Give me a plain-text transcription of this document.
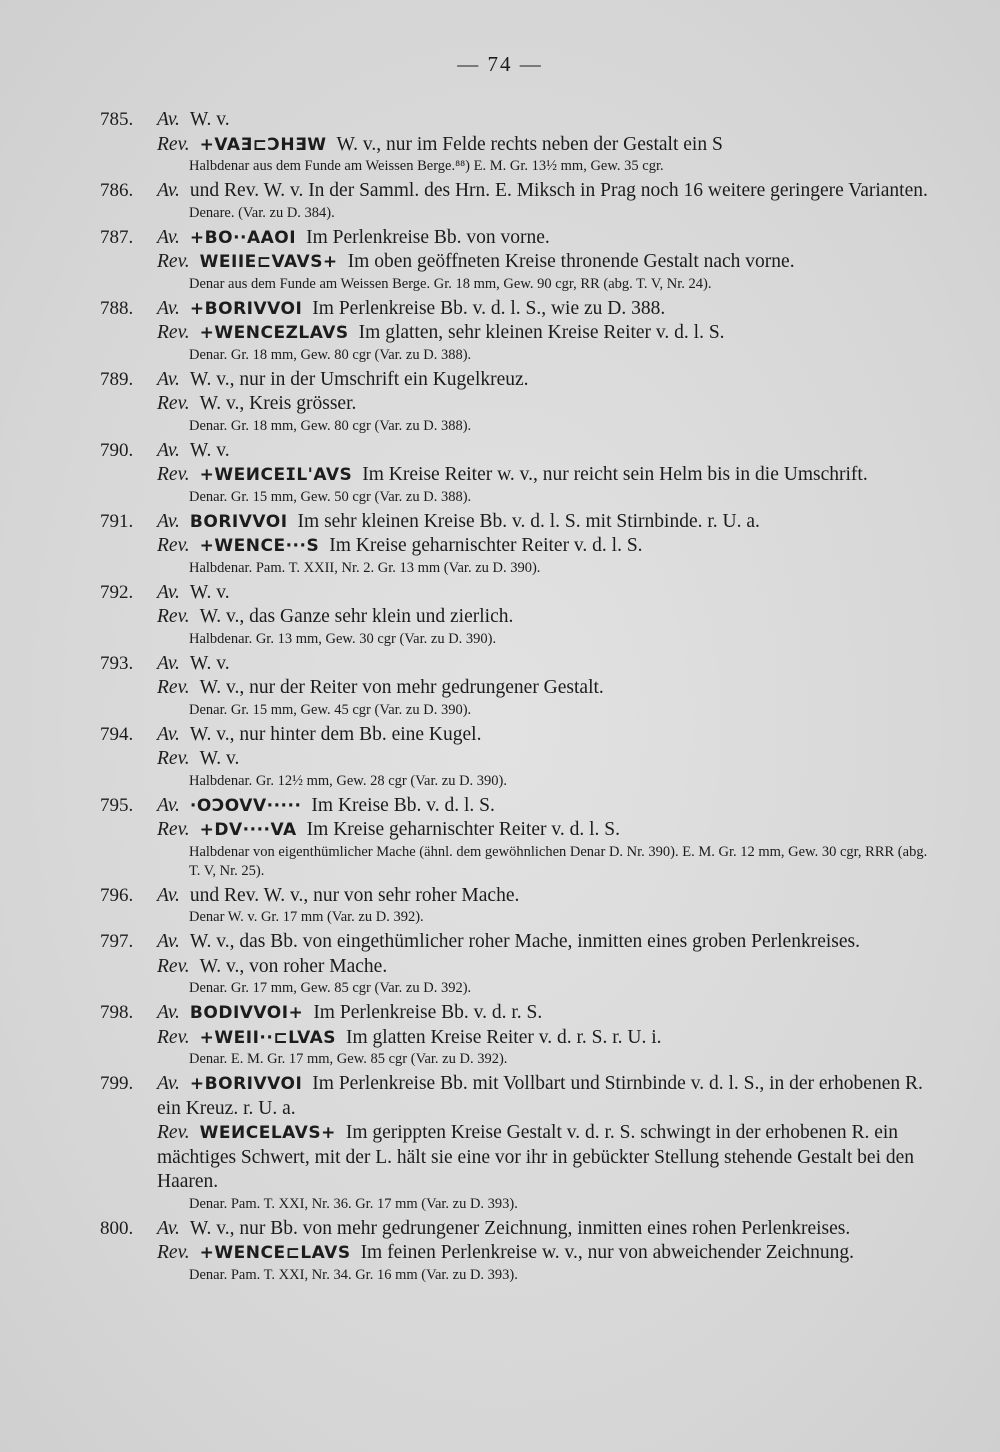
— 74 —
785.	Av. W. v.

Rev. +VAƎ⊏ƆHƎW W. v., nur im Felde rechts neben der Gestalt ein S

Halbdenar aus dem Funde am Weissen Berge.⁸⁸) E. M. Gr. 13½ mm, Gew. 35 cgr.

786.	Av. und Rev. W. v. In der Samml. des Hrn. E. Miksch in Prag noch 16 weitere geringere Varianten.

Denare. (Var. zu D. 384).

787.	Av. +BO··AAOI Im Perlenkreise Bb. von vorne.

Rev. WEIIE⊏VAVS+ Im oben geöffneten Kreise thronende Gestalt nach vorne.

Denar aus dem Funde am Weissen Berge. Gr. 18 mm, Gew. 90 cgr, RR (abg. T. V, Nr. 24).

788.	Av. +BORIVVOI Im Perlenkreise Bb. v. d. l. S., wie zu D. 388.

Rev. +WENCEZLAVS Im glatten, sehr kleinen Kreise Reiter v. d. l. S.

Denar. Gr. 18 mm, Gew. 80 cgr (Var. zu D. 388).

789.	Av. W. v., nur in der Umschrift ein Kugelkreuz.

Rev. W. v., Kreis grösser.

Denar. Gr. 18 mm, Gew. 80 cgr (Var. zu D. 388).

790.	Av. W. v.

Rev. +WEИCEⵊL'AVS Im Kreise Reiter w. v., nur reicht sein Helm bis in die Umschrift.

Denar. Gr. 15 mm, Gew. 50 cgr (Var. zu D. 388).

791.	Av. BORIVVOI Im sehr kleinen Kreise Bb. v. d. l. S. mit Stirnbinde. r. U. a.

Rev. +WENCE···S Im Kreise geharnischter Reiter v. d. l. S.

Halbdenar. Pam. T. XXII, Nr. 2. Gr. 13 mm (Var. zu D. 390).

792.	Av. W. v.

Rev. W. v., das Ganze sehr klein und zierlich.

Halbdenar. Gr. 13 mm, Gew. 30 cgr (Var. zu D. 390).

793.	Av. W. v.

Rev. W. v., nur der Reiter von mehr gedrungener Gestalt.

Denar. Gr. 15 mm, Gew. 45 cgr (Var. zu D. 390).

794.	Av. W. v., nur hinter dem Bb. eine Kugel.

Rev. W. v.

Halbdenar. Gr. 12½ mm, Gew. 28 cgr (Var. zu D. 390).

795.	Av. ·OƆOVV····· Im Kreise Bb. v. d. l. S.

Rev. +DV····VA Im Kreise geharnischter Reiter v. d. l. S.

Halbdenar von eigenthümlicher Mache (ähnl. dem gewöhnlichen Denar D. Nr. 390). E. M. Gr. 12 mm, Gew. 30 cgr, RRR (abg. T. V, Nr. 25).

796.	Av. und Rev. W. v., nur von sehr roher Mache.

Denar W. v. Gr. 17 mm (Var. zu D. 392).

797.	Av. W. v., das Bb. von eingethümlicher roher Mache, inmitten eines groben Perlenkreises.

Rev. W. v., von roher Mache.

Denar. Gr. 17 mm, Gew. 85 cgr (Var. zu D. 392).

798.	Av. BODIVVOI+ Im Perlenkreise Bb. v. d. r. S.

Rev. +WEII··⊏LVAS Im glatten Kreise Reiter v. d. r. S. r. U. i.

Denar. E. M. Gr. 17 mm, Gew. 85 cgr (Var. zu D. 392).

799.	Av. +BORIVVOI Im Perlenkreise Bb. mit Vollbart und Stirnbinde v. d. l. S., in der erhobenen R. ein Kreuz. r. U. a.

Rev. WEИCELAVS+ Im gerippten Kreise Gestalt v. d. r. S. schwingt in der erhobenen R. ein mächtiges Schwert, mit der L. hält sie eine vor ihr in gebückter Stellung stehende Gestalt bei den Haaren.

Denar. Pam. T. XXI, Nr. 36. Gr. 17 mm (Var. zu D. 393).

800.	Av. W. v., nur Bb. von mehr gedrungener Zeichnung, inmitten eines rohen Perlenkreises.

Rev. +WENCE⊏LAVS Im feinen Perlenkreise w. v., nur von abweichender Zeichnung.

Denar. Pam. T. XXI, Nr. 34. Gr. 16 mm (Var. zu D. 393).
